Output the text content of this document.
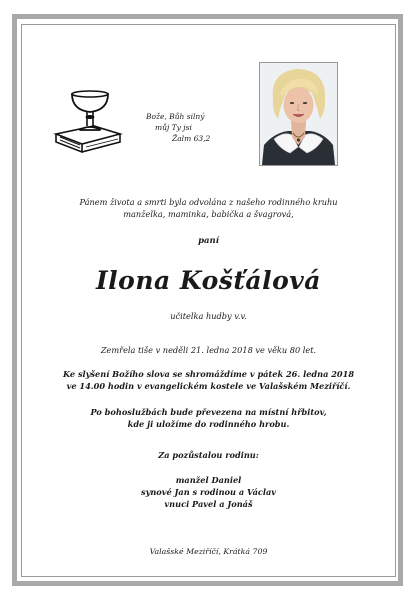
Bože, Bůh silný
můj Ty jsi
Žalm 63,2
Pánem života a smrti byla odvolána z našeho rodinného kruhu
manželka, maminka, babička a švagrová,
paní
Ilona Košťálová
učitelka hudby v.v.
Zemřela tiše v neděli 21. ledna 2018 ve věku 80 let.
Ke slyšení Božího slova se shromáždíme v pátek 26. ledna 2018
ve 14.00 hodin v evangelickém kostele ve Valašském Meziříčí.
Po bohoslužbách bude převezena na místní hřbitov,
kde ji uložíme do rodinného hrobu.
Za pozůstalou rodinu:
manžel Daniel
synové Jan s rodinou a Václav
vnuci Pavel a Jonáš
Valašské Meziříčí, Krátká 709
